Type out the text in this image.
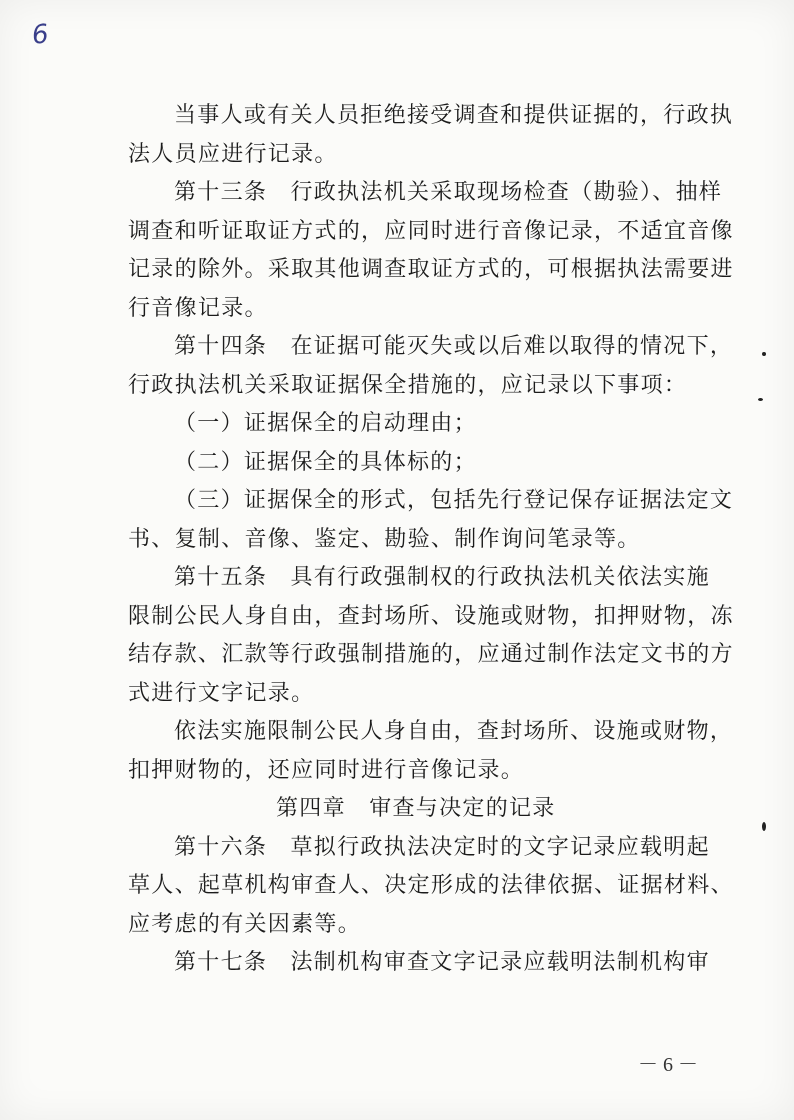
6
当事人或有关人员拒绝接受调查和提供证据的，行政执
法人员应进行记录。
第十三条　行政执法机关采取现场检查（勘验）、抽样
调查和听证取证方式的，应同时进行音像记录，不适宜音像
记录的除外。采取其他调查取证方式的，可根据执法需要进
行音像记录。
第十四条　在证据可能灭失或以后难以取得的情况下，
行政执法机关采取证据保全措施的，应记录以下事项：
（一）证据保全的启动理由；
（二）证据保全的具体标的；
（三）证据保全的形式，包括先行登记保存证据法定文
书、复制、音像、鉴定、勘验、制作询问笔录等。
第十五条　具有行政强制权的行政执法机关依法实施
限制公民人身自由，查封场所、设施或财物，扣押财物，冻
结存款、汇款等行政强制措施的，应通过制作法定文书的方
式进行文字记录。
依法实施限制公民人身自由，查封场所、设施或财物，
扣押财物的，还应同时进行音像记录。
第四章　审查与决定的记录
第十六条　草拟行政执法决定时的文字记录应载明起
草人、起草机构审查人、决定形成的法律依据、证据材料、
应考虑的有关因素等。
第十七条　法制机构审查文字记录应载明法制机构审
－ 6 －
